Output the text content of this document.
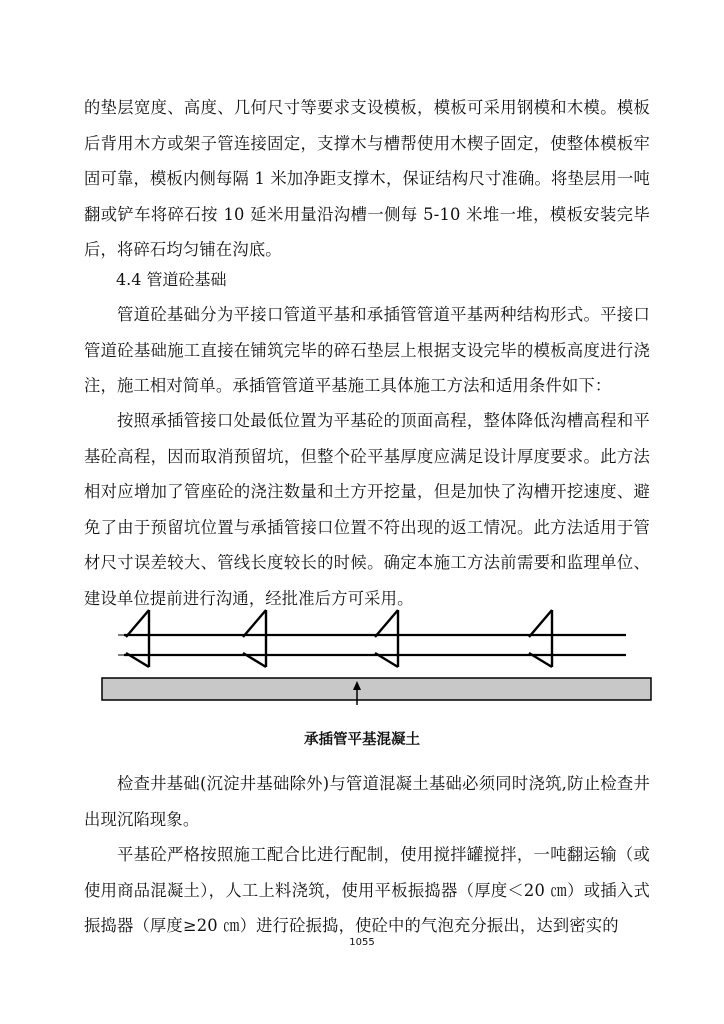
的垫层宽度、高度、几何尺寸等要求支设模板，模板可采用钢模和木模。模板后背用木方或架子管连接固定，支撑木与槽帮使用木楔子固定，使整体模板牢固可靠，模板内侧每隔 1 米加净距支撑木，保证结构尺寸准确。将垫层用一吨翻或铲车将碎石按 10 延米用量沿沟槽一侧每 5-10 米堆一堆，模板安装完毕后，将碎石均匀铺在沟底。

4.4 管道砼基础

管道砼基础分为平接口管道平基和承插管管道平基两种结构形式。平接口管道砼基础施工直接在铺筑完毕的碎石垫层上根据支设完毕的模板高度进行浇注，施工相对简单。承插管管道平基施工具体施工方法和适用条件如下：

按照承插管接口处最低位置为平基砼的顶面高程，整体降低沟槽高程和平基砼高程，因而取消预留坑，但整个砼平基厚度应满足设计厚度要求。此方法相对应增加了管座砼的浇注数量和土方开挖量，但是加快了沟槽开挖速度、避免了由于预留坑位置与承插管接口位置不符出现的返工情况。此方法适用于管材尺寸误差较大、管线长度较长的时候。确定本施工方法前需要和监理单位、建设单位提前进行沟通，经批准后方可采用。

承插管平基混凝土

检查井基础(沉淀井基础除外)与管道混凝土基础必须同时浇筑,防止检查井出现沉陷现象。

平基砼严格按照施工配合比进行配制，使用搅拌罐搅拌，一吨翻运输（或使用商品混凝土），人工上料浇筑，使用平板振捣器（厚度＜20 ㎝）或插入式振捣器（厚度≥20 ㎝）进行砼振捣，使砼中的气泡充分振出，达到密实的

1055
